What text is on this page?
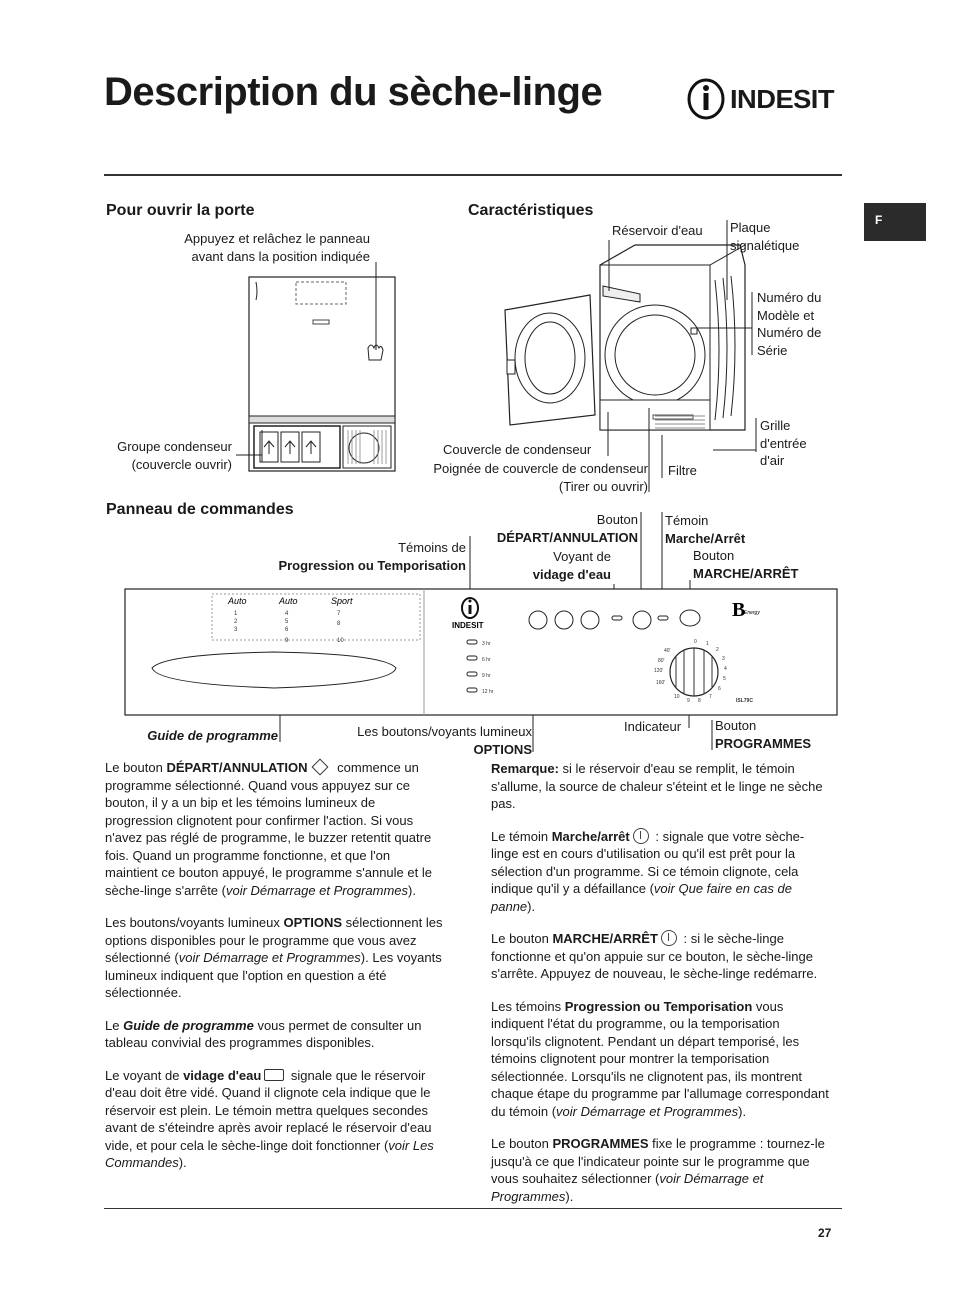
Description du sèche-linge	INDESIT
F
Pour ouvrir la porte	Caractéristiques
Panneau de commandes
Appuyez et relâchez le panneau avant dans la position indiquée
Groupe condenseur
(couvercle ouvrir)
Réservoir d'eau Plaque signalétique
Numéro du Modèle et Numéro de Série
Grille d'entrée d'air
Couvercle de condenseur
Poignée de couvercle de condenseur
(Tirer ou ouvrir)
Filtre
Témoins de
Progression ou Temporisation
Bouton
DÉPART/ANNULATION
Voyant de
vidage d'eau
Témoin
Marche/Arrêt
Bouton
MARCHE/ARRÊT
Auto	Auto	Sport
1
2
3
4
5
6
7
8
9	10
INDESIT
3 hr
6 hr
9 hr
12 hr
B
Energy
0 1
2
3
4
5
6
7
8
9
10
40'
80'
120'
160'
ISL79C
Guide de programme	Les boutons/voyants lumineux
OPTIONS
Indicateur	Bouton
PROGRAMMES

Le bouton DÉPART/ANNULATION commence un programme sélectionné. Quand vous appuyez sur ce bouton, il y a un bip et les témoins lumineux de progression clignotent pour confirmer l'action. Si vous n'avez pas réglé de programme, le buzzer retentit quatre fois. Quand un programme fonctionne, et que l'on maintient ce bouton appuyé, le programme s'annule et le sèche-linge s'arrête (voir Démarrage et Programmes).

Les boutons/voyants lumineux OPTIONS sélectionnent les options disponibles pour le programme que vous avez sélectionné (voir Démarrage et Programmes). Les voyants lumineux indiquent que l'option en question a été sélectionnée.

Le Guide de programme vous permet de consulter un tableau convivial des programmes disponibles.

Le voyant de vidage d'eau signale que le réservoir d'eau doit être vidé. Quand il clignote cela indique que le réservoir est plein. Le témoin mettra quelques secondes avant de s'éteindre après avoir replacé le réservoir d'eau vide, et pour cela le sèche-linge doit fonctionner (voir Les Commandes).

Remarque: si le réservoir d'eau se remplit, le témoin s'allume, la source de chaleur s'éteint et le linge ne sèche pas.

Le témoin Marche/arrêt : signale que votre sèche-linge est en cours d'utilisation ou qu'il est prêt pour la sélection d'un programme. Si ce témoin clignote, cela indique qu'il y a défaillance (voir Que faire en cas de panne).

Le bouton MARCHE/ARRÊT : si le sèche-linge fonctionne et qu'on appuie sur ce bouton, le sèche-linge s'arrête. Appuyez de nouveau, le sèche-linge redémarre.

Les témoins Progression ou Temporisation vous indiquent l'état du programme, ou la temporisation lorsqu'ils clignotent. Pendant un départ temporisé, les témoins clignotent pour montrer la temporisation sélectionnée. Lorsqu'ils ne clignotent pas, ils montrent chaque étape du programme par l'allumage correspondant du témoin (voir Démarrage et Programmes).

Le bouton PROGRAMMES fixe le programme : tournez-le jusqu'à ce que l'indicateur pointe sur le programme que vous souhaitez sélectionner (voir Démarrage et Programmes).

27
